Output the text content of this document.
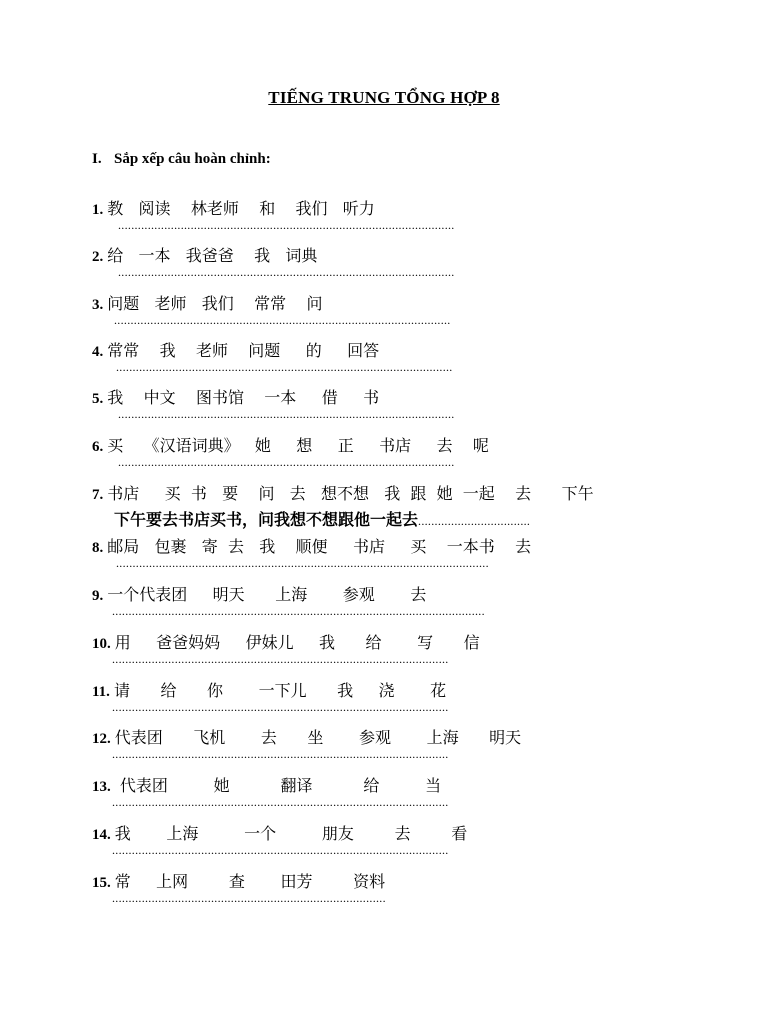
TIẾNG TRUNG TỔNG HỢP 8
I. Sắp xếp câu hoàn chỉnh:
1. 教   阅读    林老师    和    我们   听力
......................................................................................................
2. 给   一本   我爸爸    我   词典
......................................................................................................
3. 问题   老师   我们    常常    问
......................................................................................................
4. 常常    我    老师    问题     的     回答
......................................................................................................
5. 我    中文    图书馆    一本     借     书
......................................................................................................
6. 买    《汉语词典》   她     想     正     书店     去    呢
......................................................................................................
7. 书店     买  书   要    问   去   想不想   我  跟  她  一起    去      下午
下午要去书店买书，问我想不想跟他一起去..................................
8. 邮局   包裹   寄  去   我    顺便     书店     买    一本书    去
.................................................................................................................
9. 一个代表团     明天      上海       参观       去
.................................................................................................................
10. 用     爸爸妈妈     伊妹儿     我      给       写      信
......................................................................................................
11. 请      给      你       一下儿      我     浇       花
......................................................................................................
12. 代表团      飞机       去      坐       参观       上海      明天
......................................................................................................
13. 代表团         她          翻译          给         当
......................................................................................................
14. 我       上海         一个         朋友        去        看
......................................................................................................
15. 常     上网        查       田芳        资料
...................................................................................
